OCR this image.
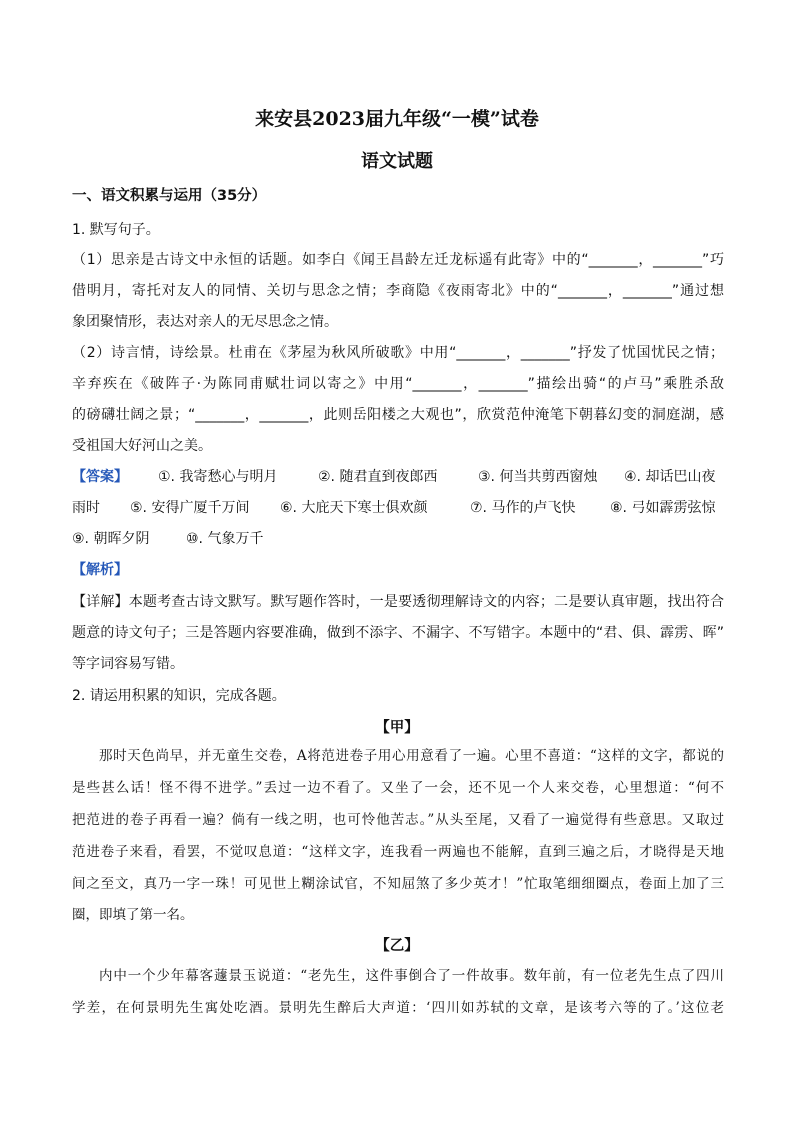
来安县2023届九年级“一模”试卷
语文试题
一、语文积累与运用（35分）
1. 默写句子。
（1）思亲是古诗文中永恒的话题。如李白《闻王昌龄左迁龙标遥有此寄》中的“_______，_______”巧
借明月，寄托对友人的同情、关切与思念之情；李商隐《夜雨寄北》中的“_______，_______”通过想
象团聚情形，表达对亲人的无尽思念之情。
（2）诗言情，诗绘景。杜甫在《茅屋为秋风所破歌》中用“_______，_______”抒发了忧国忧民之情；
辛弃疾在《破阵子·为陈同甫赋壮词以寄之》中用“_______，_______”描绘出骑“的卢马”乘胜杀敌
的磅礴壮阔之景；“_______，_______，此则岳阳楼之大观也”，欣赏范仲淹笔下朝暮幻变的洞庭湖，感
受祖国大好河山之美。
【答案】 ①. 我寄愁心与明月	②. 随君直到夜郎西	③. 何当共剪西窗烛 ④. 却话巴山夜
雨时 ⑤. 安得广厦千万间 ⑥. 大庇天下寒士俱欢颜	⑦. 马作的卢飞快 ⑧. 弓如霹雳弦惊
⑨. 朝晖夕阴	⑩. 气象万千
【解析】
【详解】本题考查古诗文默写。默写题作答时，一是要透彻理解诗文的内容；二是要认真审题，找出符合
题意的诗文句子；三是答题内容要准确，做到不添字、不漏字、不写错字。本题中的“君、俱、霹雳、晖”
等字词容易写错。
2. 请运用积累的知识，完成各题。
【甲】
那时天色尚早，并无童生交卷，A将范进卷子用心用意看了一遍。心里不喜道：“这样的文字，都说的
是些甚么话！怪不得不进学。”丢过一边不看了。又坐了一会，还不见一个人来交卷，心里想道：“何不
把范进的卷子再看一遍？倘有一线之明，也可怜他苦志。”从头至尾，又看了一遍觉得有些意思。又取过
范进卷子来看，看罢，不觉叹息道：“这样文字，连我看一两遍也不能解，直到三遍之后，才晓得是天地
间之至文，真乃一字一珠！可见世上糊涂试官，不知屈煞了多少英才！”忙取笔细细圈点，卷面上加了三
圈，即填了第一名。
【乙】
内中一个少年幕客蘧景玉说道：“老先生，这件事倒合了一件故事。数年前，有一位老先生点了四川
学差，在何景明先生寓处吃酒。景明先生醉后大声道：‘四川如苏轼的文章，是该考六等的了。’这位老
